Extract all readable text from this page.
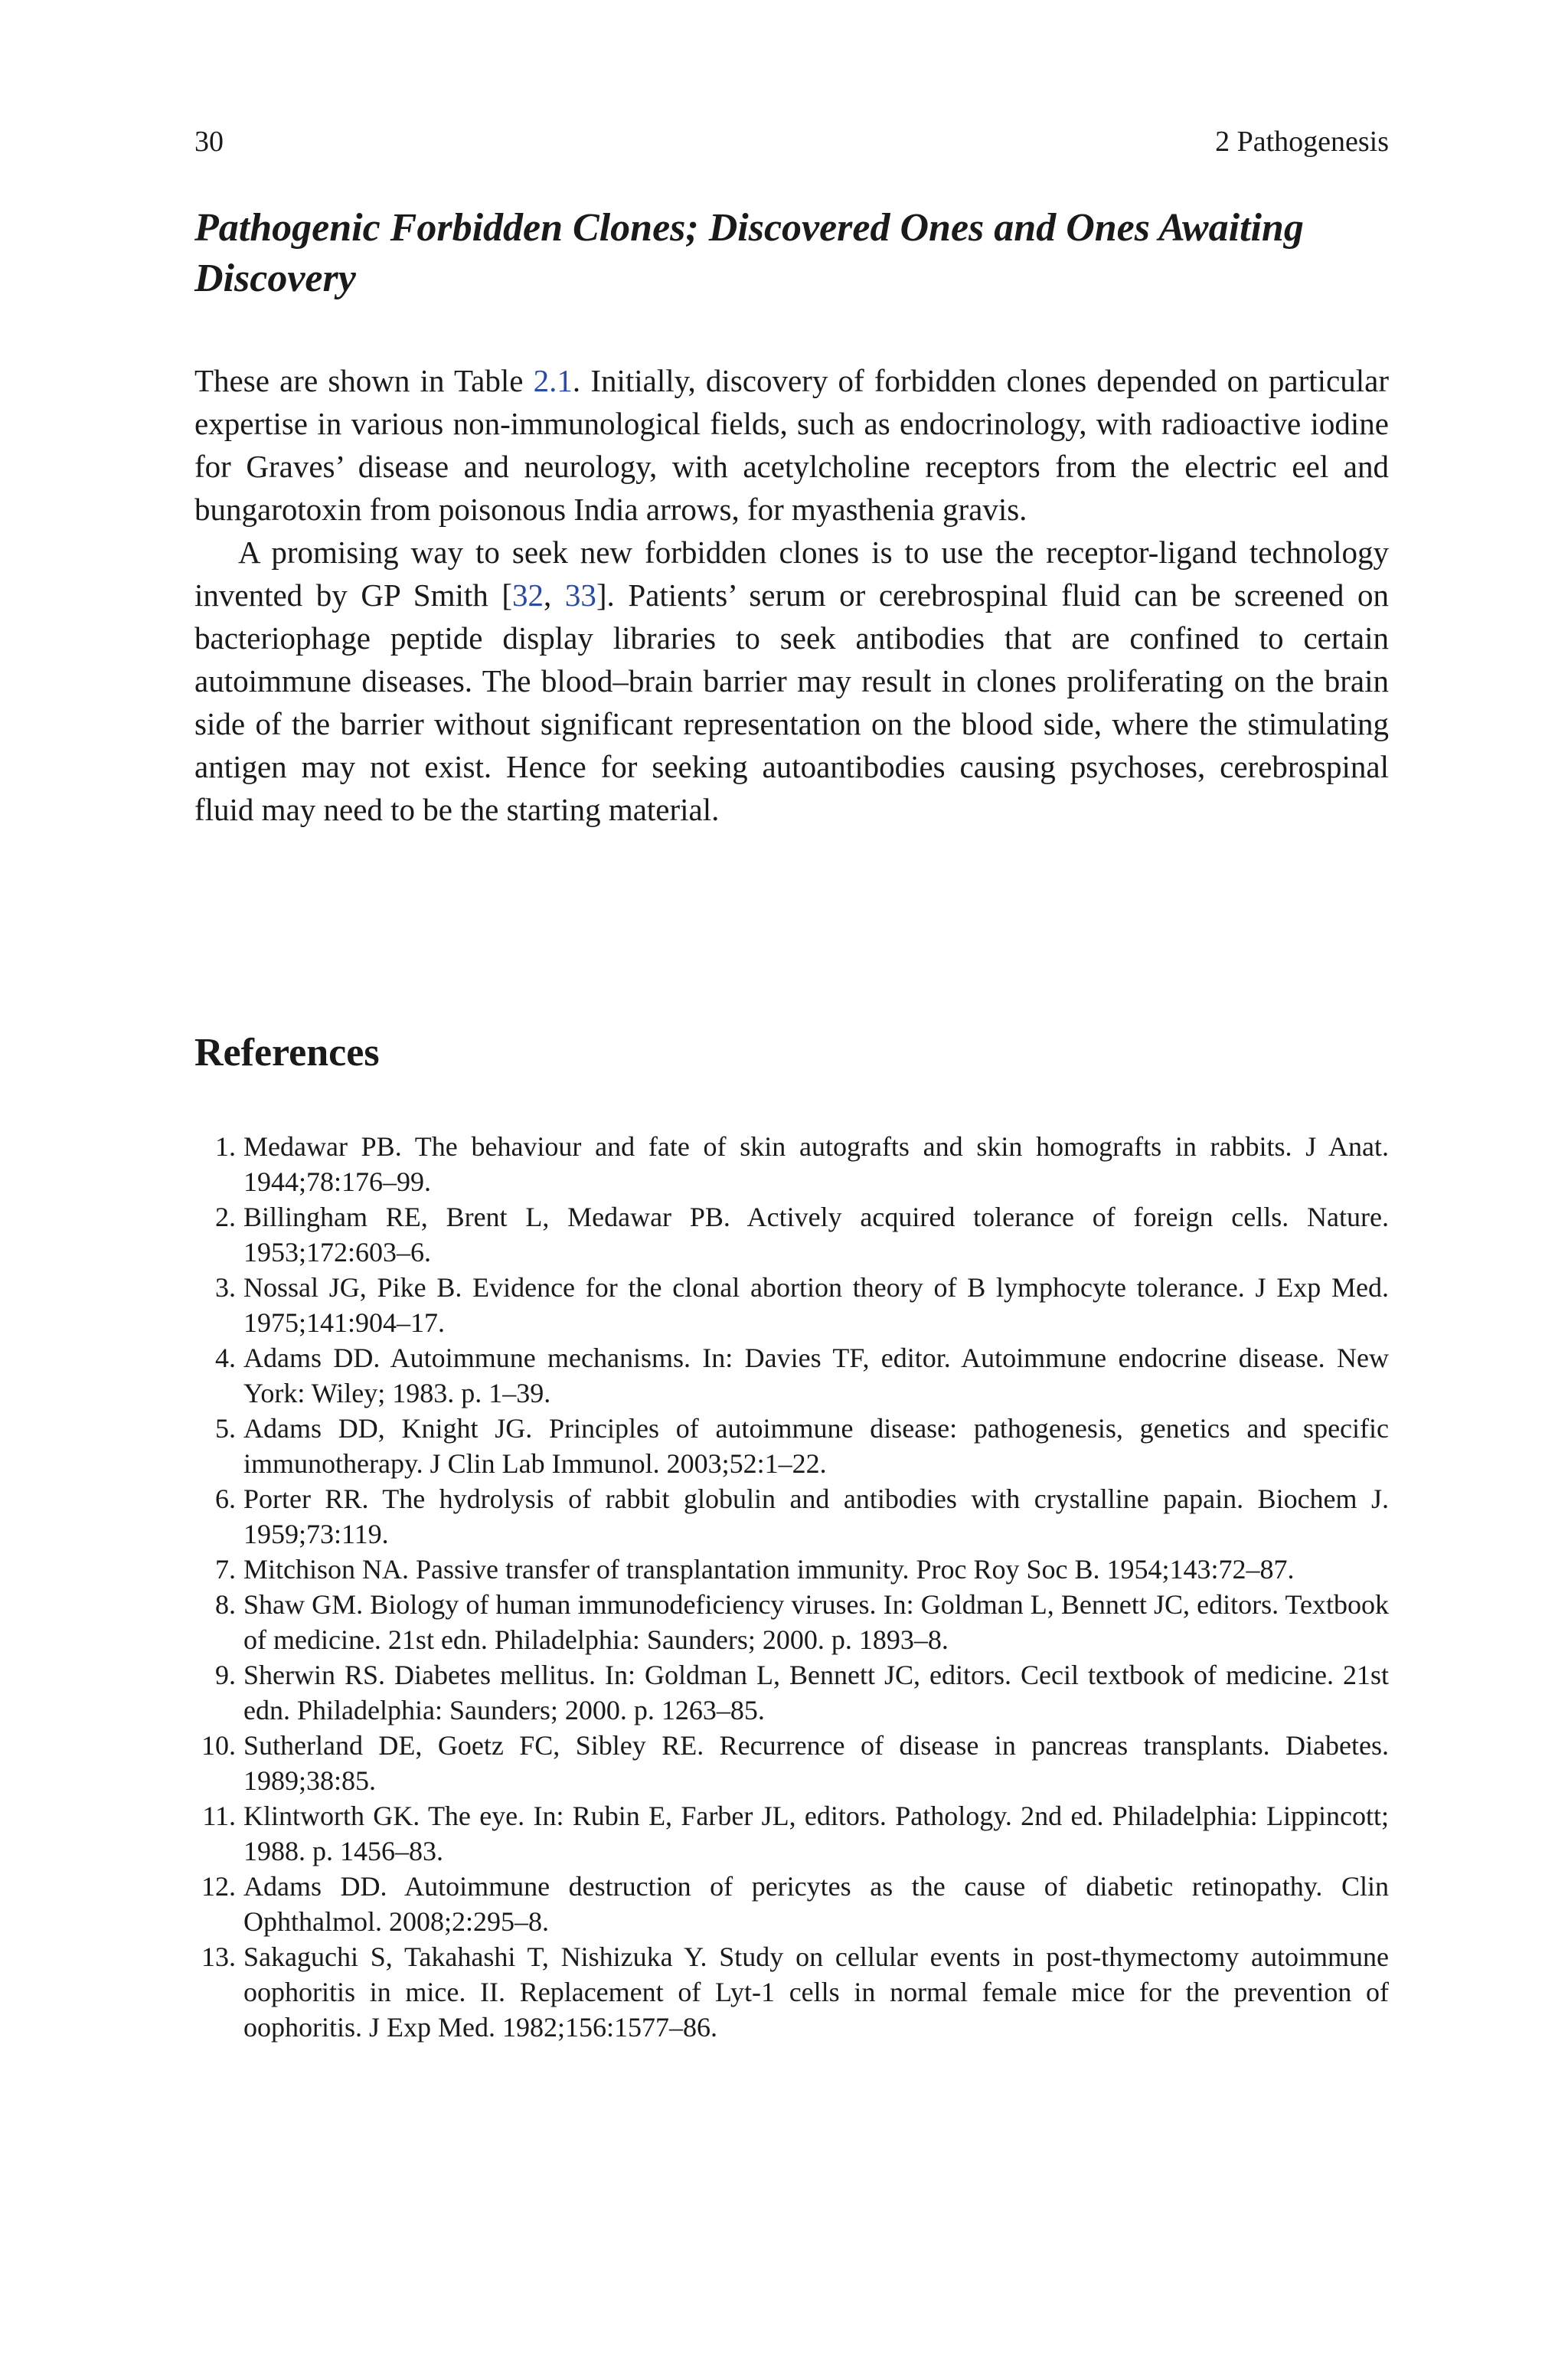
30	2 Pathogenesis
Pathogenic Forbidden Clones; Discovered Ones and Ones Awaiting Discovery

These are shown in Table 2.1. Initially, discovery of forbidden clones depended on particular expertise in various non-immunological fields, such as endocrinology, with radioactive iodine for Graves’ disease and neurology, with acetylcholine receptors from the electric eel and bungarotoxin from poisonous India arrows, for myasthenia gravis.

A promising way to seek new forbidden clones is to use the receptor-ligand technology invented by GP Smith [32, 33]. Patients’ serum or cerebrospinal fluid can be screened on bacteriophage peptide display libraries to seek antibodies that are confined to certain autoimmune diseases. The blood–brain barrier may result in clones proliferating on the brain side of the barrier without significant representation on the blood side, where the stimulating antigen may not exist. Hence for seeking autoantibodies causing psychoses, cerebrospinal fluid may need to be the starting material.

References
1. Medawar PB. The behaviour and fate of skin autografts and skin homografts in rabbits. J Anat. 1944;78:176–99.
2. Billingham RE, Brent L, Medawar PB. Actively acquired tolerance of foreign cells. Nature. 1953;172:603–6.
3. Nossal JG, Pike B. Evidence for the clonal abortion theory of B lymphocyte tolerance. J Exp Med. 1975;141:904–17.
4. Adams DD. Autoimmune mechanisms. In: Davies TF, editor. Autoimmune endocrine disease. New York: Wiley; 1983. p. 1–39.
5. Adams DD, Knight JG. Principles of autoimmune disease: pathogenesis, genetics and specific immunotherapy. J Clin Lab Immunol. 2003;52:1–22.
6. Porter RR. The hydrolysis of rabbit globulin and antibodies with crystalline papain. Biochem J. 1959;73:119.
7. Mitchison NA. Passive transfer of transplantation immunity. Proc Roy Soc B. 1954;143:72–87.
8. Shaw GM. Biology of human immunodeficiency viruses. In: Goldman L, Bennett JC, editors. Textbook of medicine. 21st edn. Philadelphia: Saunders; 2000. p. 1893–8.
9. Sherwin RS. Diabetes mellitus. In: Goldman L, Bennett JC, editors. Cecil textbook of medicine. 21st edn. Philadelphia: Saunders; 2000. p. 1263–85.
10. Sutherland DE, Goetz FC, Sibley RE. Recurrence of disease in pancreas transplants. Diabetes. 1989;38:85.
11. Klintworth GK. The eye. In: Rubin E, Farber JL, editors. Pathology. 2nd ed. Philadelphia: Lippincott; 1988. p. 1456–83.
12. Adams DD. Autoimmune destruction of pericytes as the cause of diabetic retinopathy. Clin Ophthalmol. 2008;2:295–8.
13. Sakaguchi S, Takahashi T, Nishizuka Y. Study on cellular events in post-thymectomy autoimmune oophoritis in mice. II. Replacement of Lyt-1 cells in normal female mice for the prevention of oophoritis. J Exp Med. 1982;156:1577–86.
